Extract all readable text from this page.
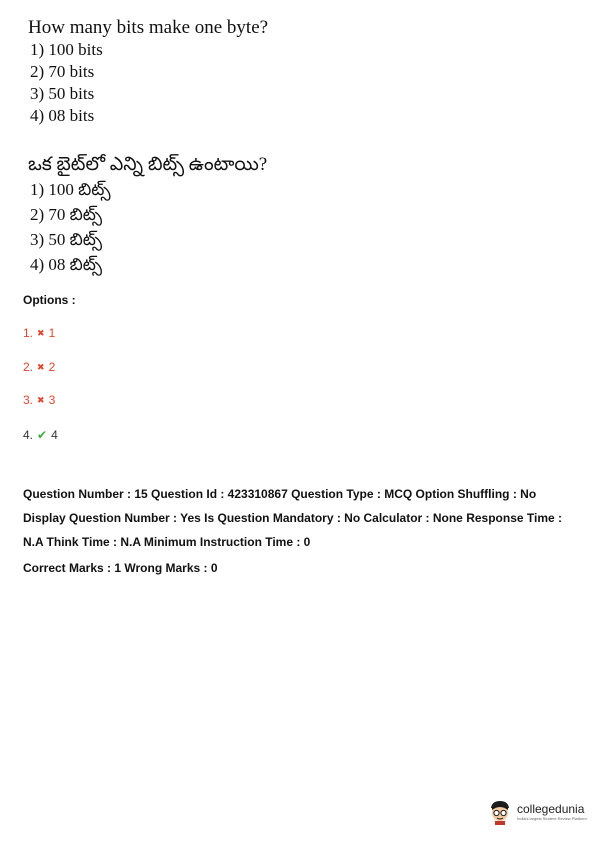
How many bits make one byte?
1) 100 bits
2) 70 bits
3) 50 bits
4) 08 bits
ఒక బైట్‌లో ఎన్ని బిట్స్ ఉంటాయి?
1) 100 బిట్స్
2) 70 బిట్స్
3) 50 బిట్స్
4) 08 బిట్స్
Options :
1. ✖ 1
2. ✖ 2
3. ✖ 3
4. ✔ 4

Question Number : 15 Question Id : 423310867 Question Type : MCQ Option Shuffling : No Display Question Number : Yes Is Question Mandatory : No Calculator : None Response Time : N.A Think Time : N.A Minimum Instruction Time : 0

Correct Marks : 1 Wrong Marks : 0

collegedunia
India's largest Student Review Platform
